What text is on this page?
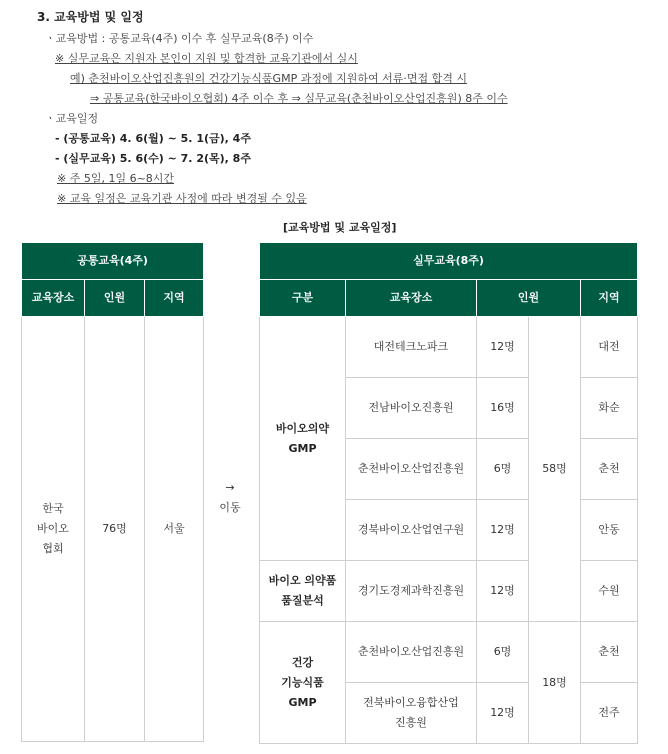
3. 교육방법 및 일정
ㆍ교육방법 : 공통교육(4주) 이수 후 실무교육(8주) 이수
※ 실무교육은 지원자 본인이 지원 및 합격한 교육기관에서 실시
예) 춘천바이오산업진흥원의 건강기능식품GMP 과정에 지원하여 서류·면접 합격 시
⇒ 공통교육(한국바이오협회) 4주 이수 후 ⇒ 실무교육(춘천바이오산업진흥원) 8주 이수
ㆍ교육일정
- (공통교육) 4. 6(월) ~ 5. 1(금), 4주
- (실무교육) 5. 6(수) ~ 7. 2(목), 8주
※ 주 5일, 1일 6~8시간
※ 교육 일정은 교육기관 사정에 따라 변경될 수 있음
[교육방법 및 교육일정]
공통교육(4주)		
교육장소	인원	지역
한국
바이오
협회	76명	서울
→
이동
실무교육(8주)				
구분	교육장소	인원		지역
바이오의약
GMP	대전테크노파크	12명	58명	대전
	전남바이오진흥원	16명		화순
	춘천바이오산업진흥원	6명		춘천
	경북바이오산업연구원	12명		안동
바이오 의약품
품질분석	경기도경제과학진흥원	12명		수원
건강
기능식품
GMP	춘천바이오산업진흥원	6명	18명	춘천
	전북바이오융합산업
진흥원	12명		전주
